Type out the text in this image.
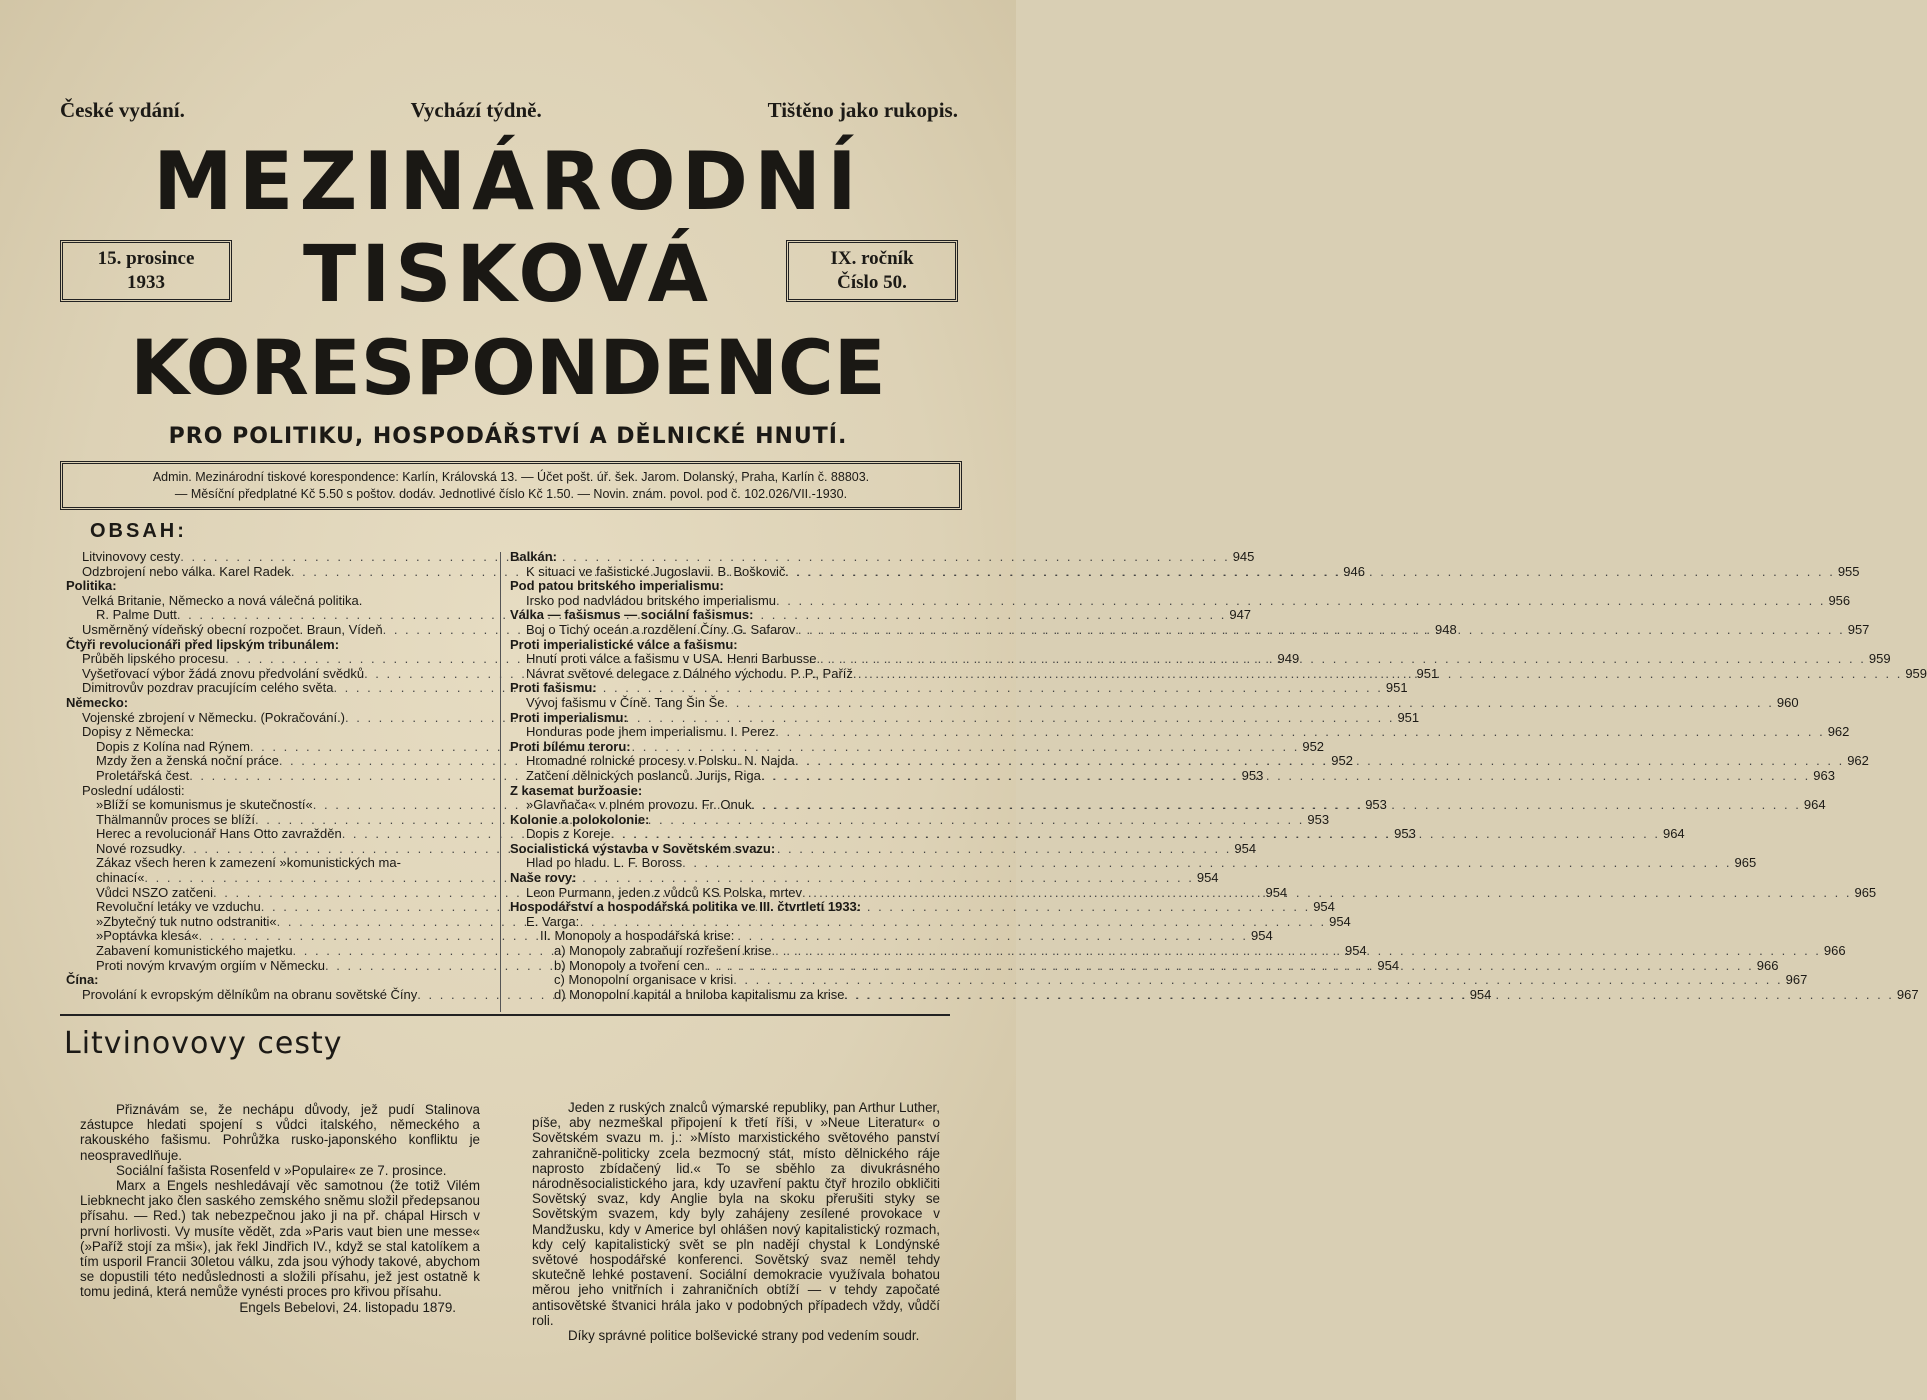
České vydání.	Vychází týdně.	Tištěno jako rukopis.
MEZINÁRODNÍ
TISKOVÁ
KORESPONDENCE
15. prosince
1933
IX. ročník
Číslo 50.
PRO POLITIKU, HOSPODÁŘSTVÍ A DĚLNICKÉ HNUTÍ.
Admin. Mezinárodní tiskové korespondence: Karlín, Královská 13. — Účet pošt. úř. šek. Jarom. Dolanský, Praha, Karlín č. 88803.
— Měsíční předplatné Kč 5.50 s poštov. dodáv. Jednotlivé číslo Kč 1.50. — Novin. znám. povol. pod č. 102.026/VII.-1930.
OBSAH:
Litvinovovy cesty . . .	945
Odzbrojení nebo válka. Karel Radek . . .	946
Politika:
Velká Britanie, Německo a nová válečná politika.
R. Palme Dutt . . .	947
Usměrněný vídeňský obecní rozpočet. Braun, Vídeň . . .	948
Čtyři revolucionáři před lipským tribunálem:
Průběh lipského procesu . . .	949
Vyšetřovací výbor žádá znovu předvolání svědků . . .	951
Dimitrovův pozdrav pracujícím celého světa . . .	951
Německo:
Vojenské zbrojení v Německu. (Pokračování.) . . .	951
Dopisy z Německa:
Dopis z Kolína nad Rýnem . . .	952
Mzdy žen a ženská noční práce . . .	952
Proletářská čest . . .	953
Poslední události:
»Blíží se komunismus je skutečností« . . .	953
Thälmannův proces se blíží . . .	953
Herec a revolucionář Hans Otto zavražděn . . .	953
Nové rozsudky . . .	954
Zákaz všech heren k zamezení »komunistických ma-
chinací« . . .	954
Vůdci NSZO zatčeni . . .	954
Revoluční letáky ve vzduchu . . .	954
»Zbytečný tuk nutno odstraniti« . . .	954
»Poptávka klesá« . . .	954
Zabavení komunistického majetku . . .	954
Proti novým krvavým orgiím v Německu . . .	954
Čína:
Provolání k evropským dělníkům na obranu sovětské Číny . . .	954
Balkán:
K situaci ve fašistické Jugoslavii. B. Boškovič . . .	955
Pod patou britského imperialismu:
Irsko pod nadvládou britského imperialismu . . .	956
Válka — fašismus — sociální fašismus:
Boj o Tichý oceán a rozdělení Číny. G. Safarov . . .	957
Proti imperialistické válce a fašismu:
Hnutí proti válce a fašismu v USA. Henri Barbusse . . .	959
Návrat světové delegace z Dálného východu. P. P., Paříž . . .	959
Proti fašismu:
Vývoj fašismu v Číně. Tang Šin Še . . .	960
Proti imperialismu:
Honduras pode jhem imperialismu. I. Perez . . .	962
Proti bílému teroru:
Hromadné rolnické procesy v Polsku. N. Najda . . .	962
Zatčení dělnických poslanců. Jurijs, Riga . . .	963
Z kasemat buržoasie:
»Glavňača« v plném provozu. Fr. Onuk . . .	964
Kolonie a polokolonie:
Dopis z Koreje . . .	964
Socialistická výstavba v Sovětském svazu:
Hlad po hladu. L. F. Boross . . .	965
Naše rovy:
Leon Purmann, jeden z vůdců KS Polska, mrtev . . .	965
Hospodářství a hospodářská politika ve III. čtvrtletí 1933:
E. Varga:
II. Monopoly a hospodářská krise:
a) Monopoly zabraňují rozřešení krise . . .	966
b) Monopoly a tvoření cen . . .	966
c) Monopolní organisace v krisi . . .	967
d) Monopolní kapitál a hniloba kapitalismu za krise . . .	967
Litvinovovy cesty

Přiznávám se, že nechápu důvody, jež pudí Stalinova zástupce hledati spojení s vůdci italského, německého a rakouského fašismu. Pohrůžka rusko-japonského konfliktu je neospravedlňuje.

Sociální fašista Rosenfeld v »Populaire« ze 7. prosince.

Marx a Engels neshledávají věc samotnou (že totiž Vilém Liebknecht jako člen saského zemského sněmu složil předepsanou přísahu. — Red.) tak nebezpečnou jako ji na př. chápal Hirsch v první horlivosti. Vy musíte vědět, zda »Paris vaut bien une messe« (»Paříž stojí za mši«), jak řekl Jindřich IV., když se stal katolíkem a tím usporil Francii 30letou válku, zda jsou výhody takové, abychom se dopustili této nedůslednosti a složili přísahu, jež jest ostatně k tomu jediná, která nemůže vynésti proces pro křivou přísahu.

Engels Bebelovi, 24. listopadu 1879.

Jeden z ruských znalců výmarské republiky, pan Arthur Luther, píše, aby nezmeškal připojení k třetí říši, v »Neue Literatur« o Sovětském svazu m. j.: »Místo marxistického světového panství zahraničně-politicky zcela bezmocný stát, místo dělnického ráje naprosto zbídačený lid.« To se sběhlo za divukrásného národněsocialistického jara, kdy uzavření paktu čtyř hrozilo obkličiti Sovětský svaz, kdy Anglie byla na skoku přerušiti styky se Sovětským svazem, kdy byly zahájeny zesílené provokace v Mandžusku, kdy v Americe byl ohlášen nový kapitalistický rozmach, kdy celý kapitalistický svět se pln nadějí chystal k Londýnské světové hospodářské konferenci. Sovětský svaz neměl tehdy skutečně lehké postavení. Sociální demokracie využívala bohatou měrou jeho vnitřních i zahraničních obtíží — v tehdy započaté antisovětské štvanici hrála jako v podobných případech vždy, vůdčí roli.

Díky správné politice bolševické strany pod vedením soudr.
